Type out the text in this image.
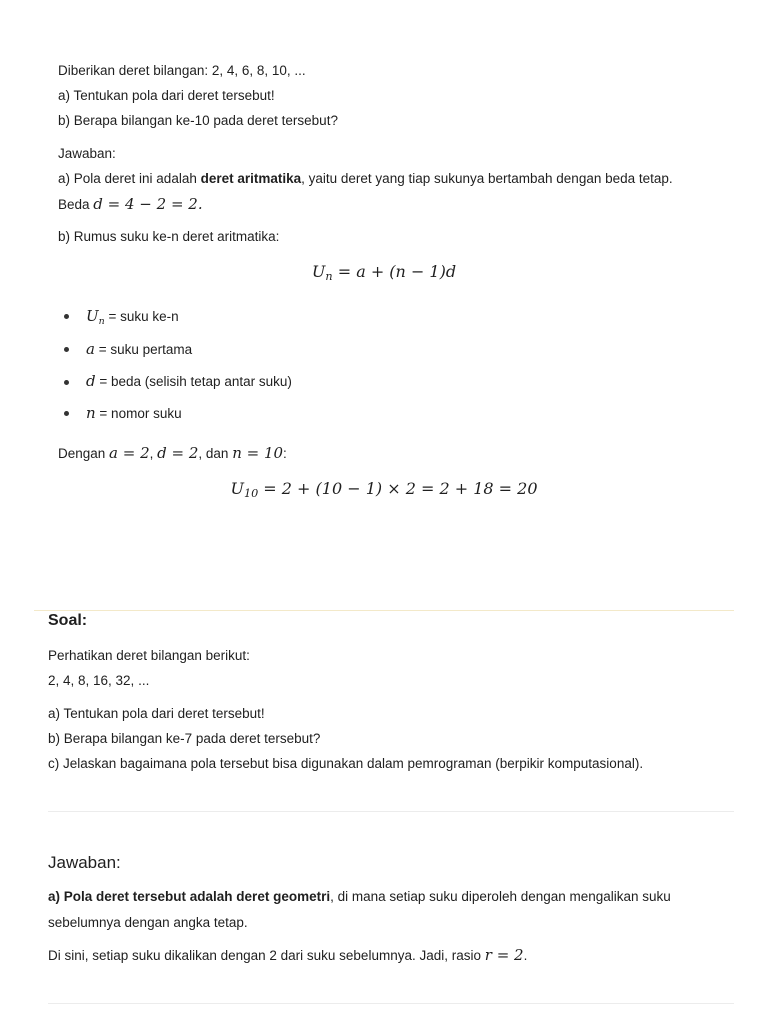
Diberikan deret bilangan: 2, 4, 6, 8, 10, ...
a) Tentukan pola dari deret tersebut!
b) Berapa bilangan ke-10 pada deret tersebut?
Jawaban:
a) Pola deret ini adalah deret aritmatika, yaitu deret yang tiap sukunya bertambah dengan beda tetap.
Beda d = 4 − 2 = 2.
b) Rumus suku ke-n deret aritmatika:
$U_n = a + (n - 1)d$
$U_n$ = suku ke-n
a = suku pertama
d = beda (selisih tetap antar suku)
n = nomor suku
Dengan a = 2, d = 2, dan n = 10:
$U_{10} = 2 + (10 - 1) \times 2 = 2 + 18 = 20$
Soal:
Perhatikan deret bilangan berikut:
2, 4, 8, 16, 32, ...
a) Tentukan pola dari deret tersebut!
b) Berapa bilangan ke-7 pada deret tersebut?
c) Jelaskan bagaimana pola tersebut bisa digunakan dalam pemrograman (berpikir komputasional).
Jawaban:
a) Pola deret tersebut adalah deret geometri, di mana setiap suku diperoleh dengan mengalikan suku
sebelumnya dengan angka tetap.
Di sini, setiap suku dikalikan dengan 2 dari suku sebelumnya. Jadi, rasio r = 2.
